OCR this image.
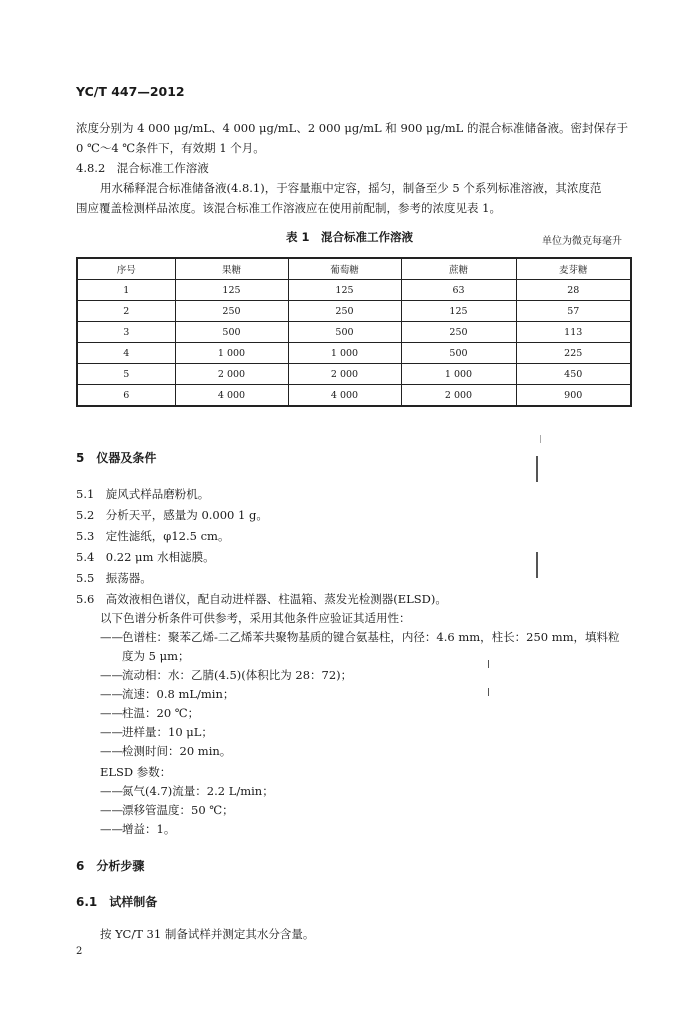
YC/T 447—2012
浓度分别为 4 000 μg/mL、4 000 μg/mL、2 000 μg/mL 和 900 μg/mL 的混合标准储备液。密封保存于
0 ℃～4 ℃条件下，有效期 1 个月。
4.8.2　混合标准工作溶液
用水稀释混合标准储备液(4.8.1)，于容量瓶中定容，摇匀，制备至少 5 个系列标准溶液，其浓度范
围应覆盖检测样品浓度。该混合标准工作溶液应在使用前配制，参考的浓度见表 1。
表 1　混合标准工作溶液	单位为微克每毫升
序号	果糖	葡萄糖	蔗糖	麦芽糖
1	125	125	63	28
2	250	250	125	57
3	500	500	250	113
4	1 000	1 000	500	225
5	2 000	2 000	1 000	450
6	4 000	4 000	2 000	900
5　仪器及条件
5.1　旋风式样品磨粉机。
5.2　分析天平，感量为 0.000 1 g。
5.3　定性滤纸，φ12.5 cm。
5.4　0.22 μm 水相滤膜。
5.5　振荡器。
5.6　高效液相色谱仪，配自动进样器、柱温箱、蒸发光检测器(ELSD)。
以下色谱分析条件可供参考，采用其他条件应验证其适用性：
——色谱柱：聚苯乙烯-二乙烯苯共聚物基质的键合氨基柱，内径：4.6 mm，柱长：250 mm，填料粒
度为 5 μm；
——流动相：水：乙腈(4.5)(体积比为 28：72)；
——流速：0.8 mL/min；
——柱温：20 ℃；
——进样量：10 μL；
——检测时间：20 min。
ELSD 参数：
——氮气(4.7)流量：2.2 L/min；
——漂移管温度：50 ℃；
——增益：1。
6　分析步骤
6.1　试样制备
按 YC/T 31 制备试样并测定其水分含量。
2
